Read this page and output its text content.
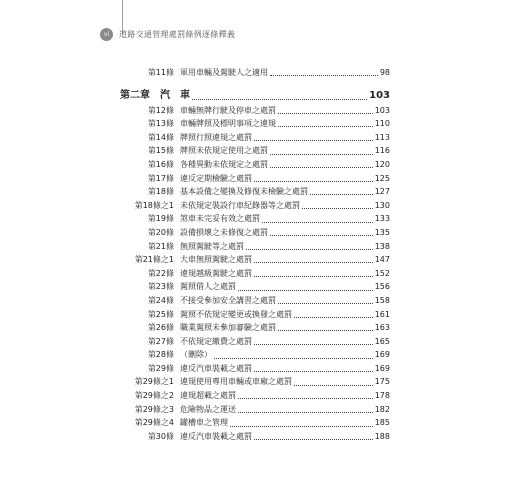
vi	道路交通管理處罰條例逐條釋義
第11條 軍用車輛及駕駛人之適用	98
第二章　汽　車	103
第12條 車輛無牌行駛及停車之處罰	103
第13條 車輛牌照及標明事項之違規	110
第14條 牌照行照違規之處罰	113
第15條 牌照未依規定使用之處罰	116
第16條 各種異動未依規定之處罰	120
第17條 違反定期檢驗之處罰	125
第18條 基本設備之變換及修復未檢驗之處罰	127
第18條之1 未依規定裝設行車紀錄器等之處罰	130
第19條 煞車未完妥有效之處罰	133
第20條 設備損壞之未修復之處罰	135
第21條 無照駕駛等之處罰	138
第21條之1 大車無照駕駛之處罰	147
第22條 違規越級駕駛之處罰	152
第23條 駕照借人之處罰	156
第24條 不接受參加安全講習之處罰	158
第25條 駕照不依規定變更或換發之處罰	161
第26條 職業駕照未參加審驗之處罰	163
第27條 不依規定繳費之處罰	165
第28條 （刪除）	169
第29條 違反汽車裝載之處罰	169
第29條之1 違規使用專用車輛或車廂之處罰	175
第29條之2 違規超載之處罰	178
第29條之3 危險物品之運送	182
第29條之4 罐槽車之管理	185
第30條 違反汽車裝載之處罰	188
